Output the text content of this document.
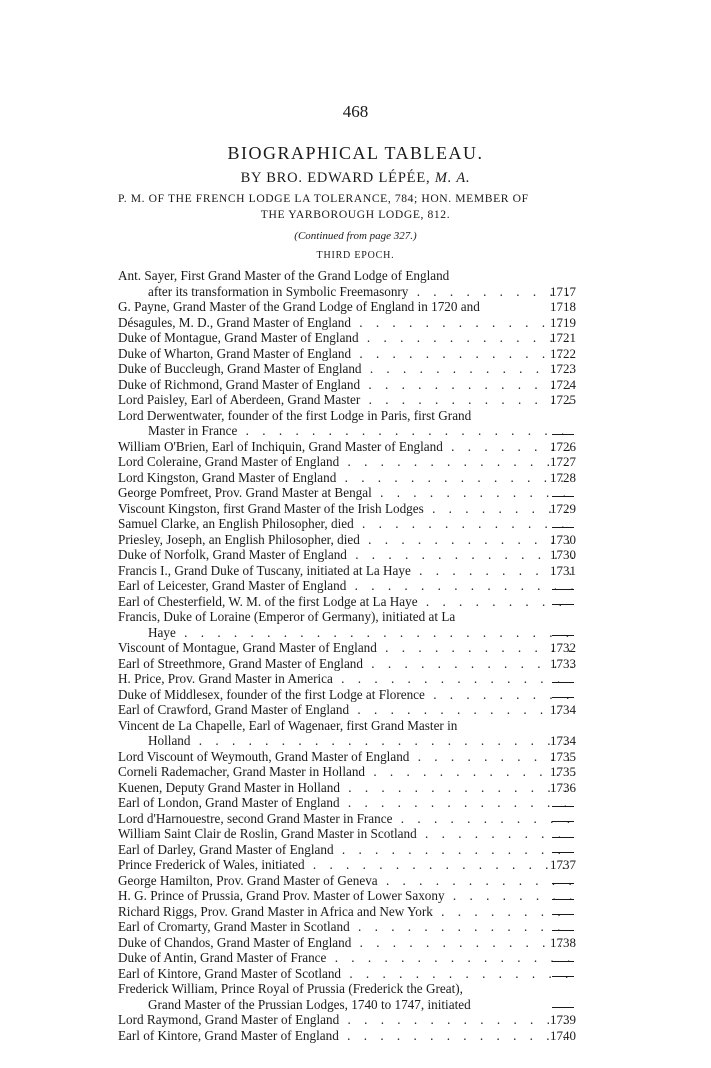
468
BIOGRAPHICAL TABLEAU.
BY BRO. EDWARD LÉPÉE, M. A.
P. M. OF THE FRENCH LODGE LA TOLERANCE, 784; HON. MEMBER OF
THE YARBOROUGH LODGE, 812.
(Continued from page 327.)
THIRD EPOCH.
Ant. Sayer, First Grand Master of the Grand Lodge of England
after its transformation in Symbolic Freemasonry . . .	1717
G. Payne, Grand Master of the Grand Lodge of England in 1720 and	1718
Désagules, M. D., Grand Master of England . . .	1719
Duke of Montague, Grand Master of England . . .	1721
Duke of Wharton, Grand Master of England . . .	1722
Duke of Buccleugh, Grand Master of England . . .	1723
Duke of Richmond, Grand Master of England . . .	1724
Lord Paisley, Earl of Aberdeen, Grand Master . . .	1725
Lord Derwentwater, founder of the first Lodge in Paris, first Grand
Master in France . . .
William O'Brien, Earl of Inchiquin, Grand Master of England . . .	1726
Lord Coleraine, Grand Master of England . . .	1727
Lord Kingston, Grand Master of England . . .	1728
George Pomfreet, Prov. Grand Master at Bengal . . .
Viscount Kingston, first Grand Master of the Irish Lodges . . .	1729
Samuel Clarke, an English Philosopher, died . . .
Priesley, Joseph, an English Philosopher, died . . .	1730
Duke of Norfolk, Grand Master of England . . .	1730
Francis I., Grand Duke of Tuscany, initiated at La Haye . . .	1731
Earl of Leicester, Grand Master of England . . .
Earl of Chesterfield, W. M. of the first Lodge at La Haye . . .
Francis, Duke of Loraine (Emperor of Germany), initiated at La
Haye . . .
Viscount of Montague, Grand Master of England . . .	1732
Earl of Streethmore, Grand Master of England . . .	1733
H. Price, Prov. Grand Master in America . . .
Duke of Middlesex, founder of the first Lodge at Florence . . .
Earl of Crawford, Grand Master of England . . .	1734
Vincent de La Chapelle, Earl of Wagenaer, first Grand Master in
Holland . . .	1734
Lord Viscount of Weymouth, Grand Master of England . . .	1735
Corneli Rademacher, Grand Master in Holland . . .	1735
Kuenen, Deputy Grand Master in Holland . . .	1736
Earl of London, Grand Master of England . . .
Lord d'Harnouestre, second Grand Master in France . . .
William Saint Clair de Roslin, Grand Master in Scotland . . .
Earl of Darley, Grand Master of England . . .
Prince Frederick of Wales, initiated . . .	1737
George Hamilton, Prov. Grand Master of Geneva . . .
H. G. Prince of Prussia, Grand Prov. Master of Lower Saxony . . .
Richard Riggs, Prov. Grand Master in Africa and New York . . .
Earl of Cromarty, Grand Master in Scotland . . .
Duke of Chandos, Grand Master of England . . .	1738
Duke of Antin, Grand Master of France . . .
Earl of Kintore, Grand Master of Scotland . . .
Frederick William, Prince Royal of Prussia (Frederick the Great),
Grand Master of the Prussian Lodges, 1740 to 1747, initiated
Lord Raymond, Grand Master of England . . .	1739
Earl of Kintore, Grand Master of England . . .	1740
